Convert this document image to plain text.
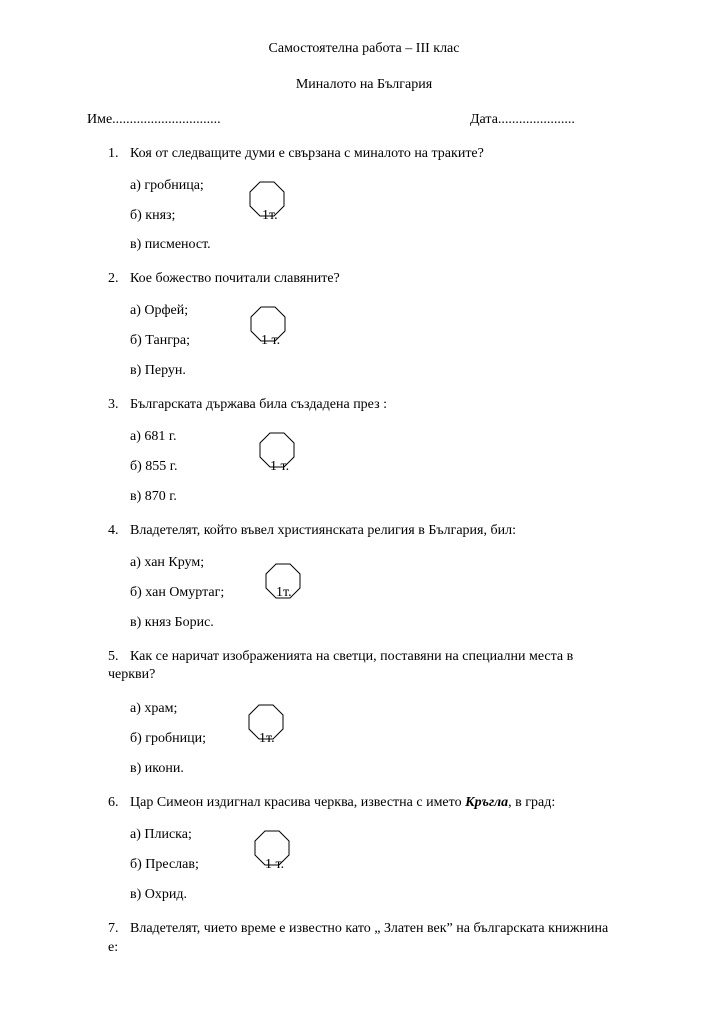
Самостоятелна работа – III клас
Миналото на България
Име...............................	Дата......................
1. Коя от следващите думи е свързана с миналото на траките?
а) гробница;
б) княз;
в) писменост.
1т.
2. Кое божество почитали славяните?
а) Орфей;
б) Тангра;
в) Перун.
1 т.
3. Българската държава била създадена през :
а) 681 г.
б) 855 г.
в) 870 г.
1 т.
4. Владетелят, който въвел християнската религия в България, бил:
а) хан Крум;
б) хан Омуртаг;
в) княз Борис.
1т.
5. Как се наричат изображенията на светци, поставяни на специални места в
черкви?
а) храм;
б) гробници;
в) икони.
1т.
6. Цар Симеон издигнал красива черква, известна с името Кръгла, в град:
а) Плиска;
б) Преслав;
в) Охрид.
1 т.
7. Владетелят, чието време е известно като „ Златен век” на българската книжнина
е:
